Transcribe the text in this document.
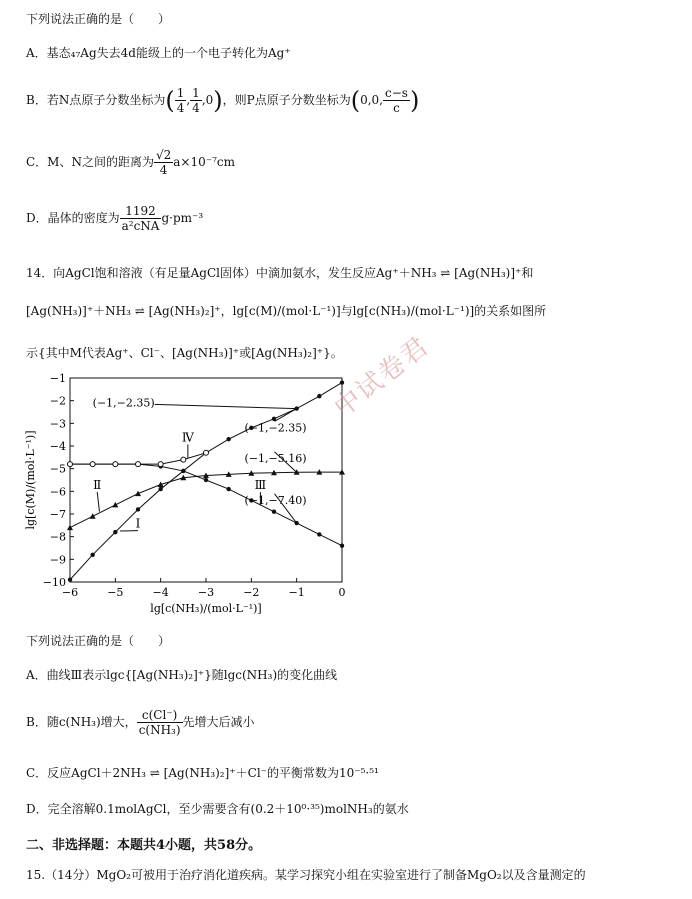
下列说法正确的是（　　）
A．基态₄₇Ag失去4d能级上的一个电子转化为Ag⁺
B．若N点原子分数坐标为( $\frac{1}{4}$ , $\frac{1}{4} ,0$)，则P点原子分数坐标为(0,0, $\frac{c-s}{c}$ )
C．M、N之间的距离为 $\frac{√2}{4} a\times 10^{-7}cm$
D．晶体的密度为 $\frac{1192}{\text{a²cNA}} g\cdot pm^{-3}$
14．向AgCl饱和溶液（有足量AgCl固体）中滴加氨水，发生反应Ag⁺＋NH₃ ⇌ [Ag(NH₃)]⁺和
[Ag(NH₃)]⁺＋NH₃ ⇌ [Ag(NH₃)₂]⁺，lg[c(M)/(mol·L⁻¹)]与lg[c(NH₃)/(mol·L⁻¹)]的关系如图所
示{其中M代表Ag⁺、Cl⁻、[Ag(NH₃)]⁺或[Ag(NH₃)₂]⁺}。
−6	−5	−4	−3	−2	−1	0
−1
−2
−3
−4
−5
−6
−7
−8
−9
−10
lg[c(NH₃)/(mol·L⁻¹)]
lg[c(M)/(mol·L⁻¹)]	Ⅰ
Ⅱ	Ⅲ
Ⅳ
(−1,−2.35)
(−1,−2.35)
(−1,−5.16)
(−1,−7.40)
中试卷君
下列说法正确的是（　　）
A．曲线Ⅲ表示lgc{[Ag(NH₃)₂]⁺}随lgc(NH₃)的变化曲线
B．随c(NH₃)增大， $\frac{c(Cl^-)}{\text{c(NH₃)}}$ 先增大后减小
C．反应AgCl＋2NH₃ ⇌ [Ag(NH₃)₂]⁺＋Cl⁻的平衡常数为10⁻⁵·⁵¹
D．完全溶解0.1molAgCl，至少需要含有(0.2＋10⁰·³⁵)molNH₃的氨水
二、非选择题：本题共4小题，共58分。
15.（14分）MgO₂可被用于治疗消化道疾病。某学习探究小组在实验室进行了制备MgO₂以及含量测定的
